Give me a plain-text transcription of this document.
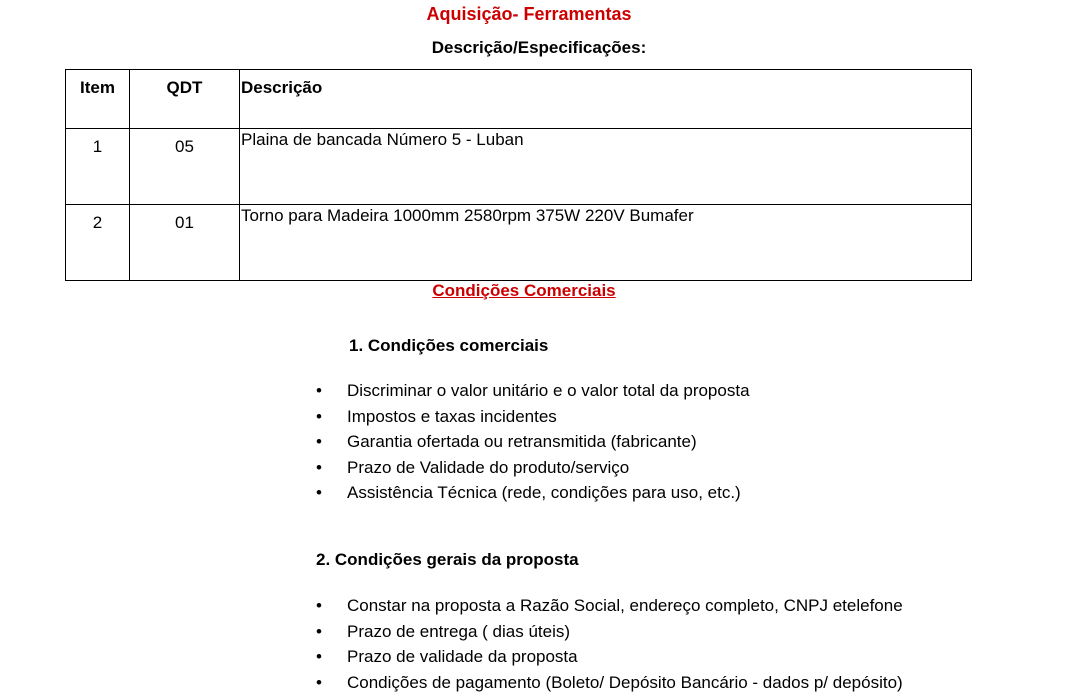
Aquisição- Ferramentas
Descrição/Especificações:
Item	QDT	Descrição
1	05	Plaina de bancada Número 5 - Luban
2	01	Torno para Madeira 1000mm 2580rpm 375W 220V Bumafer
Condições Comerciais
1. Condições comerciais
• Discriminar o valor unitário e o valor total da proposta
• Impostos e taxas incidentes
• Garantia ofertada ou retransmitida (fabricante)
• Prazo de Validade do produto/serviço
• Assistência Técnica (rede, condições para uso, etc.)
2. Condições gerais da proposta
• Constar na proposta a Razão Social, endereço completo, CNPJ etelefone
• Prazo de entrega ( dias úteis)
• Prazo de validade da proposta
• Condições de pagamento (Boleto/ Depósito Bancário - dados p/ depósito)
